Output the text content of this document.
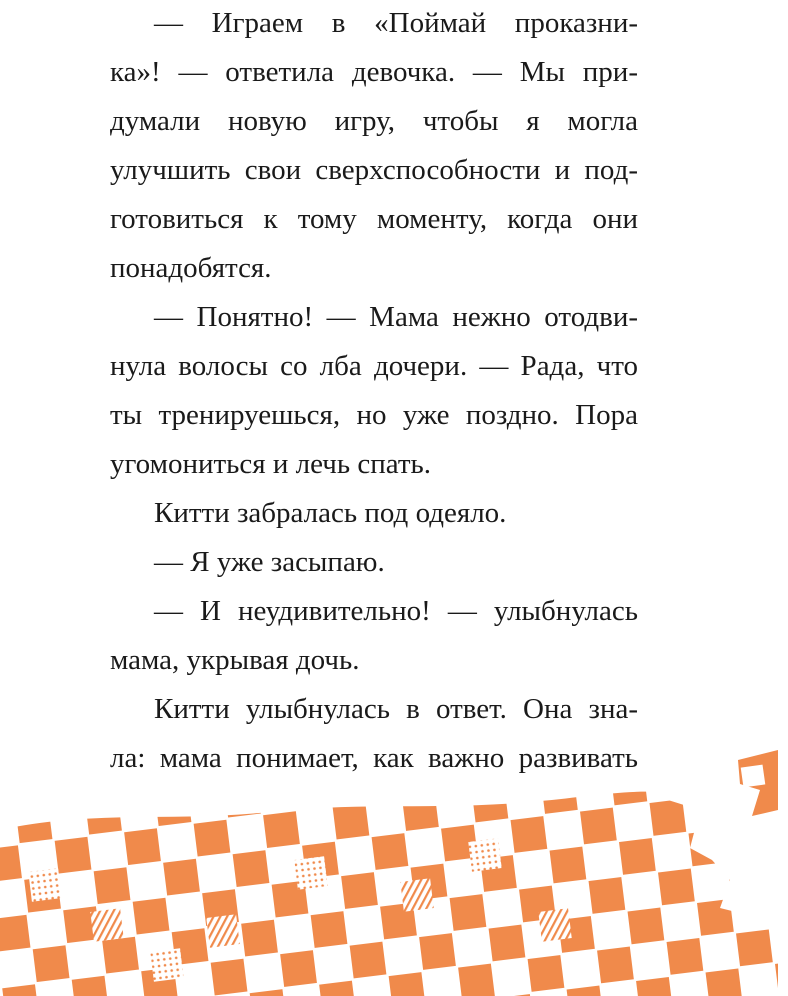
— Играем в «Поймай проказни-
ка»! — ответила девочка. — Мы при-
думали новую игру, чтобы я могла
улучшить свои сверхспособности и под-
готовиться к тому моменту, когда они
понадобятся.
— Понятно! — Мама нежно отодви-
нула волосы со лба дочери. — Рада, что
ты тренируешься, но уже поздно. Пора
угомониться и лечь спать.
Китти забралась под одеяло.
— Я уже засыпаю.
— И неудивительно! — улыбнулась
мама, укрывая дочь.
Китти улыбнулась в ответ. Она зна-
ла: мама понимает, как важно развивать
